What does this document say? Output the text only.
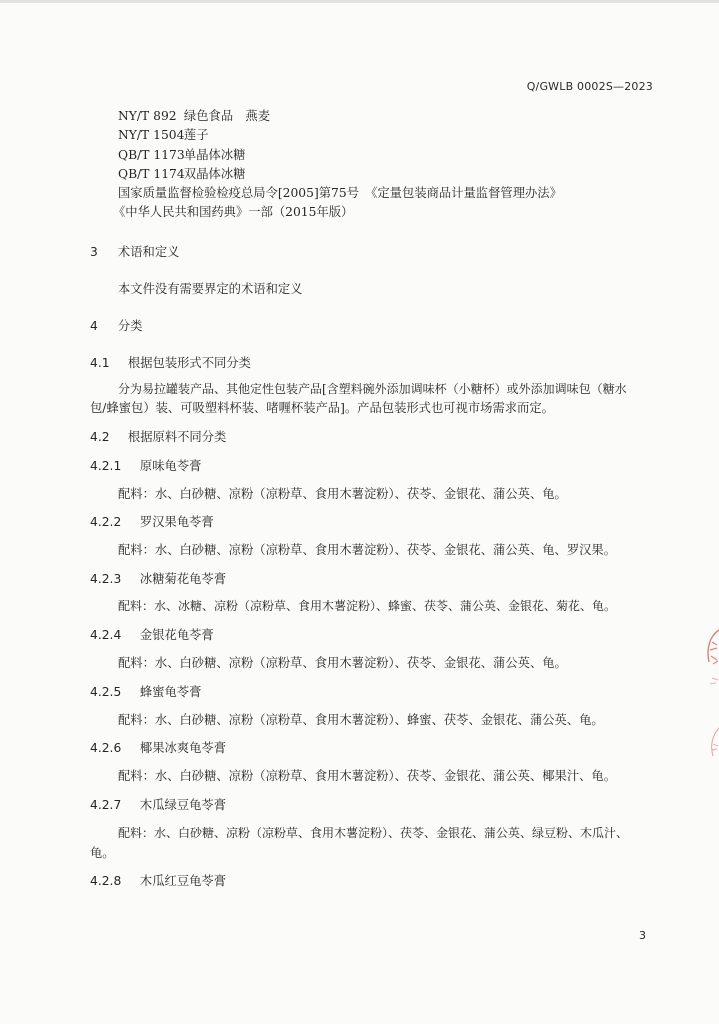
Q/GWLB 0002S—2023
NY/T 892 绿色食品　燕麦
NY/T 1504 莲子
QB/T 1173 单晶体冰糖
QB/T 1174 双晶体冰糖
国家质量监督检验检疫总局令[2005]第75号　《定量包装商品计量监督管理办法》
《中华人民共和国药典》一部（2015年版）
3 术语和定义
本文件没有需要界定的术语和定义
4 分类
4.1 根据包装形式不同分类
分为易拉罐装产品、其他定性包装产品[含塑料碗外添加调味杯（小糖杯）或外添加调味包（糖水
包/蜂蜜包）装、可吸塑料杯装、啫喱杯装产品]。产品包装形式也可视市场需求而定。
4.2 根据原料不同分类
4.2.1 原味龟苓膏
配料：水、白砂糖、凉粉（凉粉草、食用木薯淀粉）、茯苓、金银花、蒲公英、龟。
4.2.2 罗汉果龟苓膏
配料：水、白砂糖、凉粉（凉粉草、食用木薯淀粉）、茯苓、金银花、蒲公英、龟、罗汉果。
4.2.3 冰糖菊花龟苓膏
配料：水、冰糖、凉粉（凉粉草、食用木薯淀粉）、蜂蜜、茯苓、蒲公英、金银花、菊花、龟。
4.2.4 金银花龟苓膏
配料：水、白砂糖、凉粉（凉粉草、食用木薯淀粉）、茯苓、金银花、蒲公英、龟。
4.2.5 蜂蜜龟苓膏
配料：水、白砂糖、凉粉（凉粉草、食用木薯淀粉）、蜂蜜、茯苓、金银花、蒲公英、龟。
4.2.6 椰果冰爽龟苓膏
配料：水、白砂糖、凉粉（凉粉草、食用木薯淀粉）、茯苓、金银花、蒲公英、椰果汁、龟。
4.2.7 木瓜绿豆龟苓膏
配料：水、白砂糖、凉粉（凉粉草、食用木薯淀粉）、茯苓、金银花、蒲公英、绿豆粉、木瓜汁、
龟。
4.2.8 木瓜红豆龟苓膏
3
